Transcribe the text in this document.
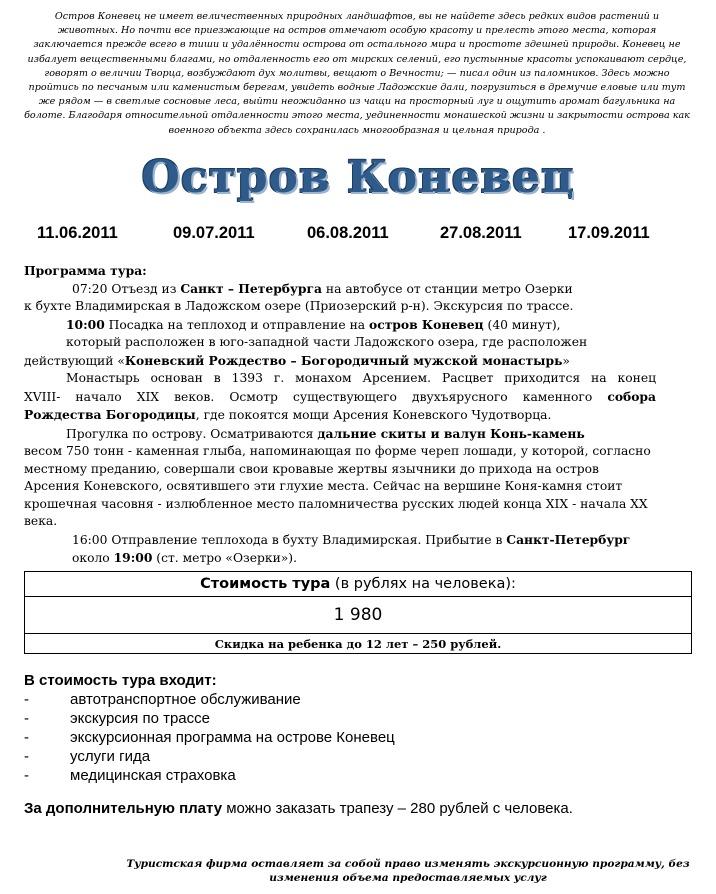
Остров Коневец не имеет величественных природных ландшафтов, вы не найдете здесь редких видов растений и животных. Но почти все приезжающие на остров отмечают особую красоту и прелесть этого места, которая заключается прежде всего в тиши и удалённости острова от остального мира и простоте здешней природы. Коневец не избалует вещественными благами, но отдаленность его от мирских селений, его пустынные красоты успокаивают сердце, говорят о величии Творца, возбуждают дух молитвы, вещают о Вечности; — писал один из паломников. Здесь можно пройтись по песчаным или каменистым берегам, увидеть водные Ладожские дали, погрузиться в дремучие еловые или тут же рядом — в светлые сосновые леса, выйти неожиданно из чащи на просторный луг и ощутить аромат багульника на болоте. Благодаря относительной отдаленности этого места, уединенности монашеской жизни и закрытости острова как военного объекта здесь сохранилась многообразная и цельная природа .

Остров Коневец
11.06.2011	09.07.2011	06.08.2011	27.08.2011	17.09.2011

Программа тура:

07:20 Отъезд из Санкт – Петербурга на автобусе от станции метро Озерки

к бухте Владимирская в Ладожском озере (Приозерский р-н). Экскурсия по трассе.

10:00 Посадка на теплоход и отправление на остров Коневец (40 минут),

который расположен в юго-западной части Ладожского озера, где расположен

действующий «Коневский Рождество – Богородичный мужской монастырь»

Монастырь основан в 1393 г. монахом Арсением. Расцвет приходится на конец

XVIII- начало XIX веков. Осмотр существующего двухъярусного каменного собора

Рождества Богородицы, где покоятся мощи Арсения Коневского Чудотворца.

Прогулка по острову. Осматриваются дальние скиты и валун Конь-камень

весом 750 тонн - каменная глыба, напоминающая по форме череп лошади, у которой, согласно местному преданию, совершали свои кровавые жертвы язычники до прихода на остров Арсения Коневского, освятившего эти глухие места. Сейчас на вершине Коня-камня стоит крошечная часовня - излюбленное место паломничества русских людей конца XIX - начала XX века.

16:00 Отправление теплохода в бухту Владимирская. Прибытие в Санкт-Петербург около 19:00 (ст. метро «Озерки»).

Стоимость тура (в рублях на человека):
1 980
Скидка на ребенка до 12 лет – 250 рублей.
В стоимость тура входит:
-	автотранспортное обслуживание
-	экскурсия по трассе
-	экскурсионная программа на острове Коневец
-	услуги гида
-	медицинская страховка
За дополнительную плату можно заказать трапезу – 280 рублей с человека.

Туристская фирма оставляет за собой право изменять экскурсионную программу, без изменения объема предоставляемых услуг
